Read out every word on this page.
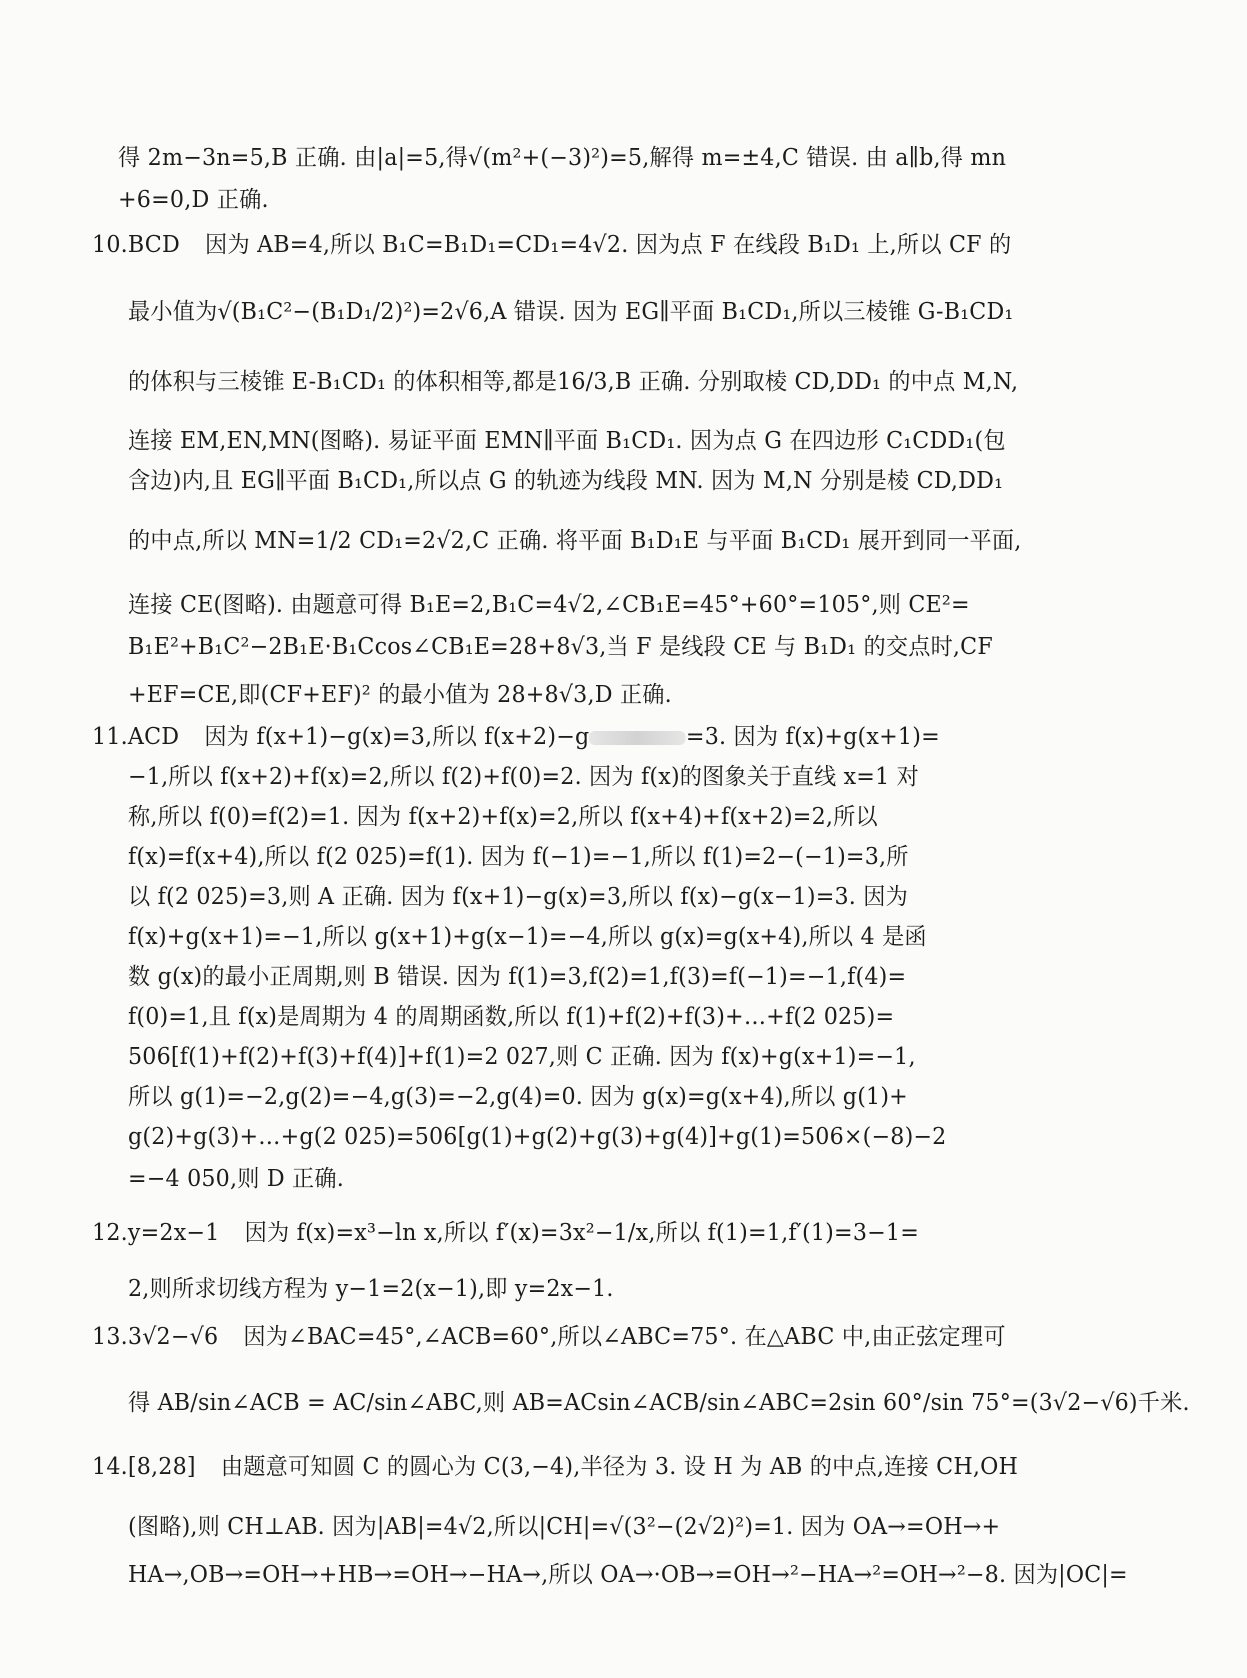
得 2m−3n=5,B 正确. 由|a|=5,得√(m²+(−3)²)=5,解得 m=±4,C 错误. 由 a∥b,得 mn
+6=0,D 正确.
10.BCD 因为 AB=4,所以 B₁C=B₁D₁=CD₁=4√2. 因为点 F 在线段 B₁D₁ 上,所以 CF 的
最小值为√(B₁C²−(B₁D₁/2)²)=2√6,A 错误. 因为 EG∥平面 B₁CD₁,所以三棱锥 G-B₁CD₁
的体积与三棱锥 E-B₁CD₁ 的体积相等,都是16/3,B 正确. 分别取棱 CD,DD₁ 的中点 M,N,
连接 EM,EN,MN(图略). 易证平面 EMN∥平面 B₁CD₁. 因为点 G 在四边形 C₁CDD₁(包
含边)内,且 EG∥平面 B₁CD₁,所以点 G 的轨迹为线段 MN. 因为 M,N 分别是棱 CD,DD₁
的中点,所以 MN=1/2 CD₁=2√2,C 正确. 将平面 B₁D₁E 与平面 B₁CD₁ 展开到同一平面,
连接 CE(图略). 由题意可得 B₁E=2,B₁C=4√2,∠CB₁E=45°+60°=105°,则 CE²=
B₁E²+B₁C²−2B₁E·B₁Ccos∠CB₁E=28+8√3,当 F 是线段 CE 与 B₁D₁ 的交点时,CF
+EF=CE,即(CF+EF)² 的最小值为 28+8√3,D 正确.
11.ACD 因为 f(x+1)−g(x)=3,所以 f(x+2)−g	=3. 因为 f(x)+g(x+1)=
−1,所以 f(x+2)+f(x)=2,所以 f(2)+f(0)=2. 因为 f(x)的图象关于直线 x=1 对
称,所以 f(0)=f(2)=1. 因为 f(x+2)+f(x)=2,所以 f(x+4)+f(x+2)=2,所以
f(x)=f(x+4),所以 f(2 025)=f(1). 因为 f(−1)=−1,所以 f(1)=2−(−1)=3,所
以 f(2 025)=3,则 A 正确. 因为 f(x+1)−g(x)=3,所以 f(x)−g(x−1)=3. 因为
f(x)+g(x+1)=−1,所以 g(x+1)+g(x−1)=−4,所以 g(x)=g(x+4),所以 4 是函
数 g(x)的最小正周期,则 B 错误. 因为 f(1)=3,f(2)=1,f(3)=f(−1)=−1,f(4)=
f(0)=1,且 f(x)是周期为 4 的周期函数,所以 f(1)+f(2)+f(3)+…+f(2 025)=
506[f(1)+f(2)+f(3)+f(4)]+f(1)=2 027,则 C 正确. 因为 f(x)+g(x+1)=−1,
所以 g(1)=−2,g(2)=−4,g(3)=−2,g(4)=0. 因为 g(x)=g(x+4),所以 g(1)+
g(2)+g(3)+…+g(2 025)=506[g(1)+g(2)+g(3)+g(4)]+g(1)=506×(−8)−2
=−4 050,则 D 正确.
12.y=2x−1 因为 f(x)=x³−ln x,所以 f′(x)=3x²−1/x,所以 f(1)=1,f′(1)=3−1=
2,则所求切线方程为 y−1=2(x−1),即 y=2x−1.
13.3√2−√6 因为∠BAC=45°,∠ACB=60°,所以∠ABC=75°. 在△ABC 中,由正弦定理可
得 AB/sin∠ACB = AC/sin∠ABC,则 AB=ACsin∠ACB/sin∠ABC=2sin 60°/sin 75°=(3√2−√6)千米.
14.[8,28] 由题意可知圆 C 的圆心为 C(3,−4),半径为 3. 设 H 为 AB 的中点,连接 CH,OH
(图略),则 CH⊥AB. 因为|AB|=4√2,所以|CH|=√(3²−(2√2)²)=1. 因为 OA→=OH→+
HA→,OB→=OH→+HB→=OH→−HA→,所以 OA→·OB→=OH→²−HA→²=OH→²−8. 因为|OC|=
